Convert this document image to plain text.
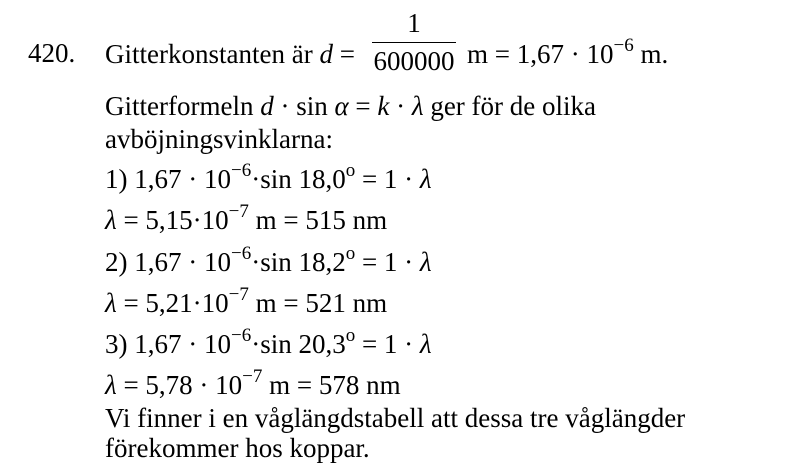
420. Gitterkonstanten är d =
1
600000 $m = 1,67 \cdot 10^{-6}$ m.
Gitterformeln d · sin α = k · λ ger för de olika
avböjningsvinklarna:
1) $1,67 \cdot 10^{-6}\cdot\sin$ $18,0^o = 1 \cdot \lambda$
$\lambda = 5,15\cdot 10^{-7}$ m = 515 nm
2) $1,67 \cdot 10^{-6}\cdot\sin$ $18,2^o = 1 \cdot \lambda$
$\lambda = 5,21\cdot 10^{-7}$ m = 521 nm
3) $1,67 \cdot 10^{-6}\cdot\sin$ $20,3^o = 1 \cdot \lambda$
$\lambda = 5,78 \cdot 10^{-7}$ m = 578 nm
Vi finner i en våglängdstabell att dessa tre våglängder
förekommer hos koppar.
